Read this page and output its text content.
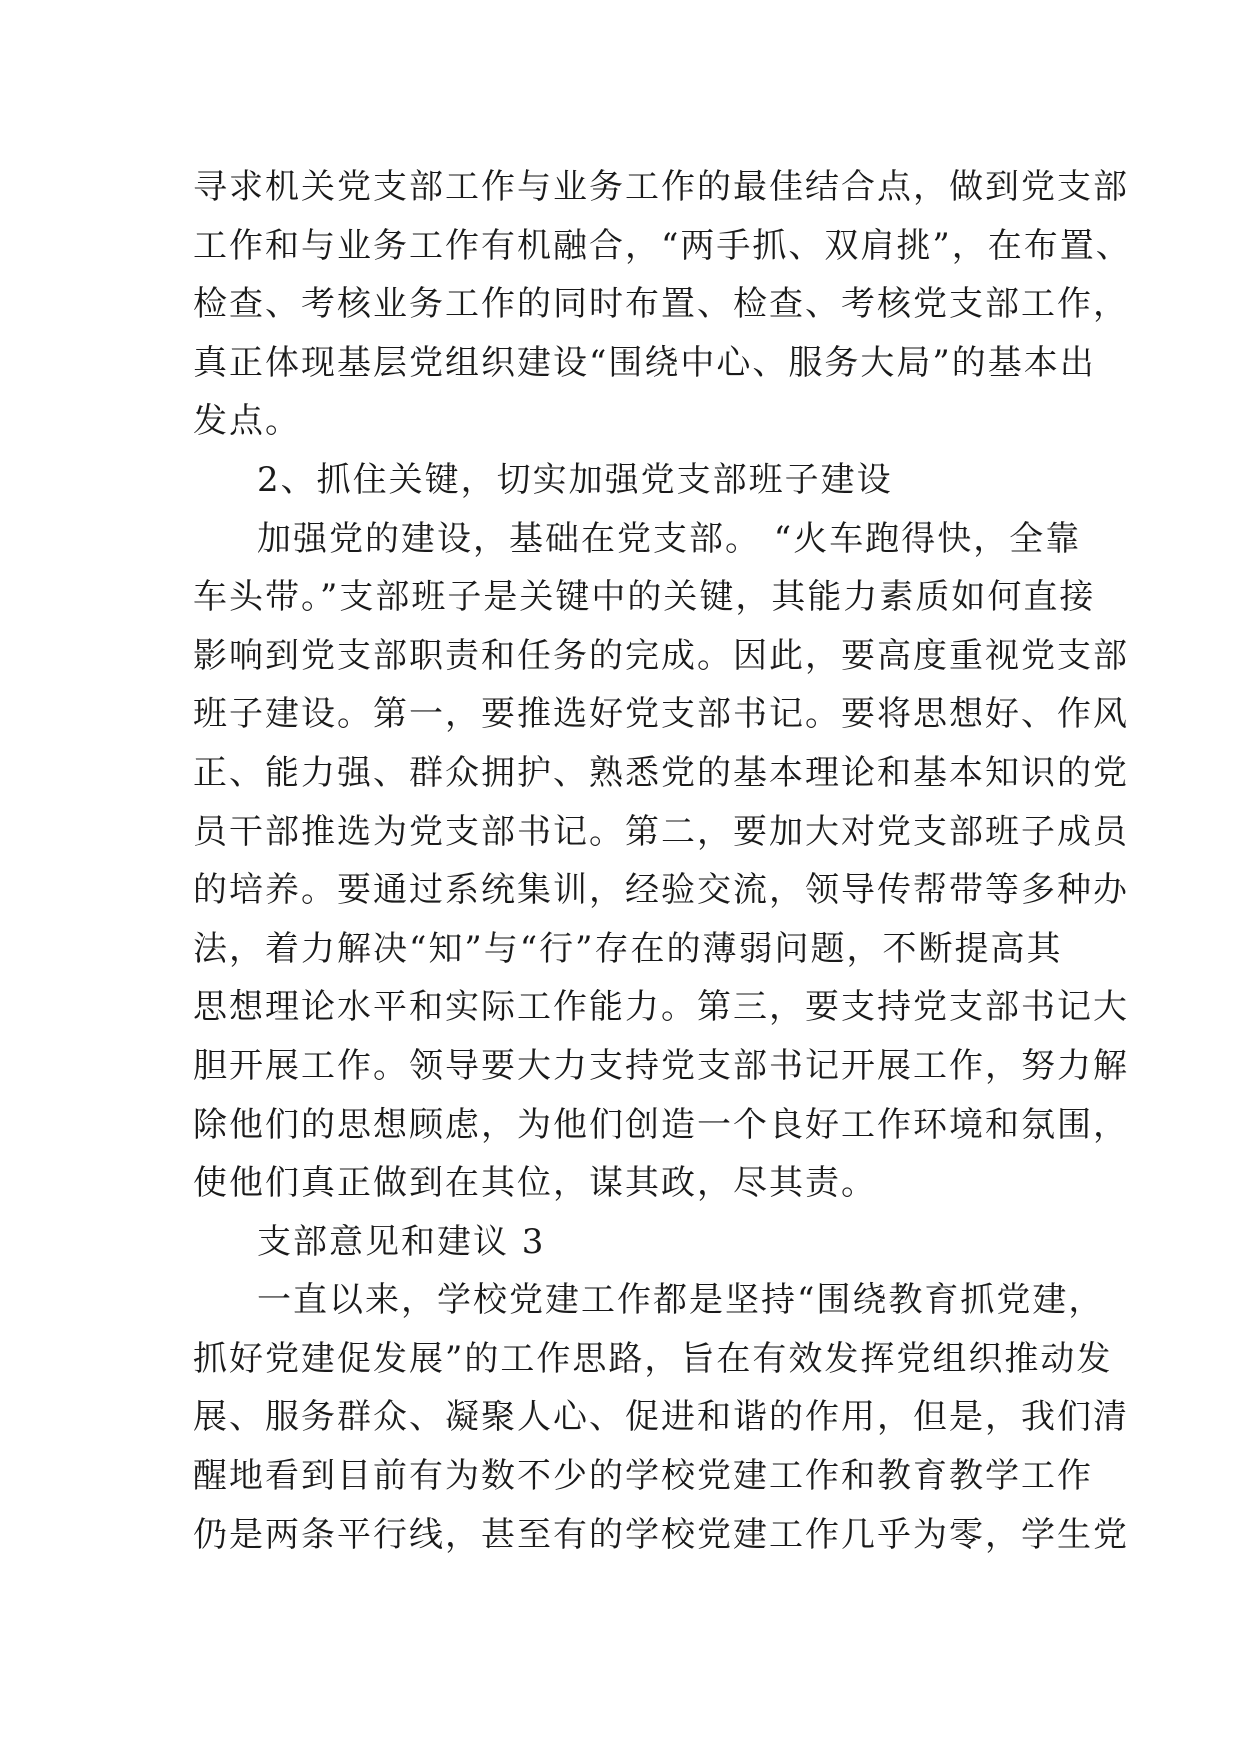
寻求机关党支部工作与业务工作的最佳结合点，做到党支部
工作和与业务工作有机融合，“两手抓、双肩挑”，在布置、
检查、考核业务工作的同时布置、检查、考核党支部工作，
真正体现基层党组织建设“围绕中心、服务大局”的基本出
发点。
2、抓住关键，切实加强党支部班子建设
加强党的建设，基础在党支部。 “火车跑得快，全靠
车头带。”支部班子是关键中的关键，其能力素质如何直接
影响到党支部职责和任务的完成。因此，要高度重视党支部
班子建设。第一，要推选好党支部书记。要将思想好、作风
正、能力强、群众拥护、熟悉党的基本理论和基本知识的党
员干部推选为党支部书记。第二，要加大对党支部班子成员
的培养。要通过系统集训，经验交流，领导传帮带等多种办
法，着力解决“知”与“行”存在的薄弱问题，不断提高其
思想理论水平和实际工作能力。第三，要支持党支部书记大
胆开展工作。领导要大力支持党支部书记开展工作，努力解
除他们的思想顾虑，为他们创造一个良好工作环境和氛围，
使他们真正做到在其位，谋其政，尽其责。
支部意见和建议 3
一直以来，学校党建工作都是坚持“围绕教育抓党建，
抓好党建促发展”的工作思路，旨在有效发挥党组织推动发
展、服务群众、凝聚人心、促进和谐的作用，但是，我们清
醒地看到目前有为数不少的学校党建工作和教育教学工作
仍是两条平行线，甚至有的学校党建工作几乎为零，学生党
